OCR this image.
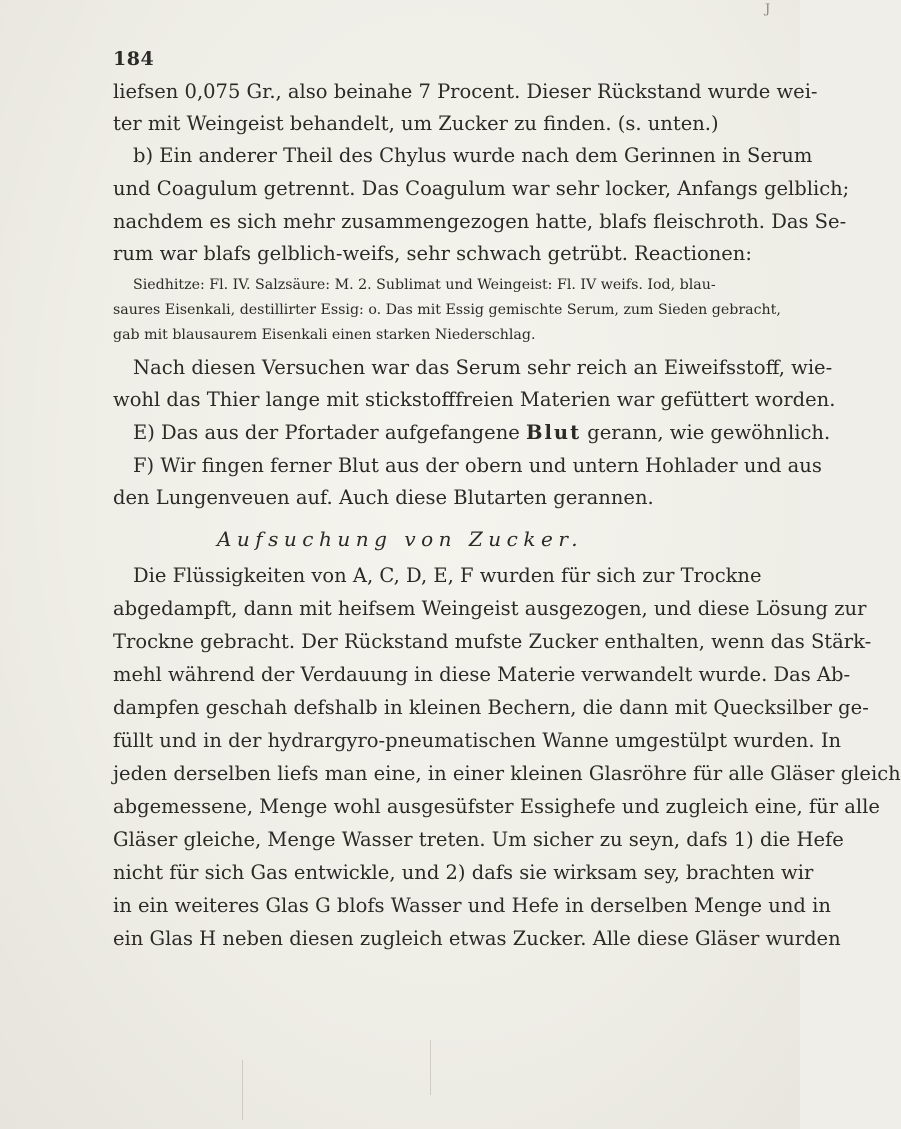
J
184
liefsen 0,075 Gr., also beinahe 7 Procent. Dieser Rückstand wurde wei-
ter mit Weingeist behandelt, um Zucker zu finden. (s. unten.)
b) Ein anderer Theil des Chylus wurde nach dem Gerinnen in Serum
und Coagulum getrennt. Das Coagulum war sehr locker, Anfangs gelblich;
nachdem es sich mehr zusammengezogen hatte, blafs fleischroth. Das Se-
rum war blafs gelblich-weifs, sehr schwach getrübt. Reactionen:
Siedhitze: Fl. IV. Salzsäure: M. 2. Sublimat und Weingeist: Fl. IV weifs. Iod, blau-
saures Eisenkali, destillirter Essig: o. Das mit Essig gemischte Serum, zum Sieden gebracht,
gab mit blausaurem Eisenkali einen starken Niederschlag.
Nach diesen Versuchen war das Serum sehr reich an Eiweifsstoff, wie-
wohl das Thier lange mit stickstofffreien Materien war gefüttert worden.
E) Das aus der Pfortader aufgefangene Blut gerann, wie gewöhnlich.
F) Wir fingen ferner Blut aus der obern und untern Hohlader und aus
den Lungenveuen auf. Auch diese Blutarten gerannen.
Aufsuchung von Zucker.
Die Flüssigkeiten von A, C, D, E, F wurden für sich zur Trockne
abgedampft, dann mit heifsem Weingeist ausgezogen, und diese Lösung zur
Trockne gebracht. Der Rückstand mufste Zucker enthalten, wenn das Stärk-
mehl während der Verdauung in diese Materie verwandelt wurde. Das Ab-
dampfen geschah defshalb in kleinen Bechern, die dann mit Quecksilber ge-
füllt und in der hydrargyro-pneumatischen Wanne umgestülpt wurden. In
jeden derselben liefs man eine, in einer kleinen Glasröhre für alle Gläser gleich
abgemessene, Menge wohl ausgesüfster Essighefe und zugleich eine, für alle
Gläser gleiche, Menge Wasser treten. Um sicher zu seyn, dafs 1) die Hefe
nicht für sich Gas entwickle, und 2) dafs sie wirksam sey, brachten wir
in ein weiteres Glas G blofs Wasser und Hefe in derselben Menge und in
ein Glas H neben diesen zugleich etwas Zucker. Alle diese Gläser wurden
